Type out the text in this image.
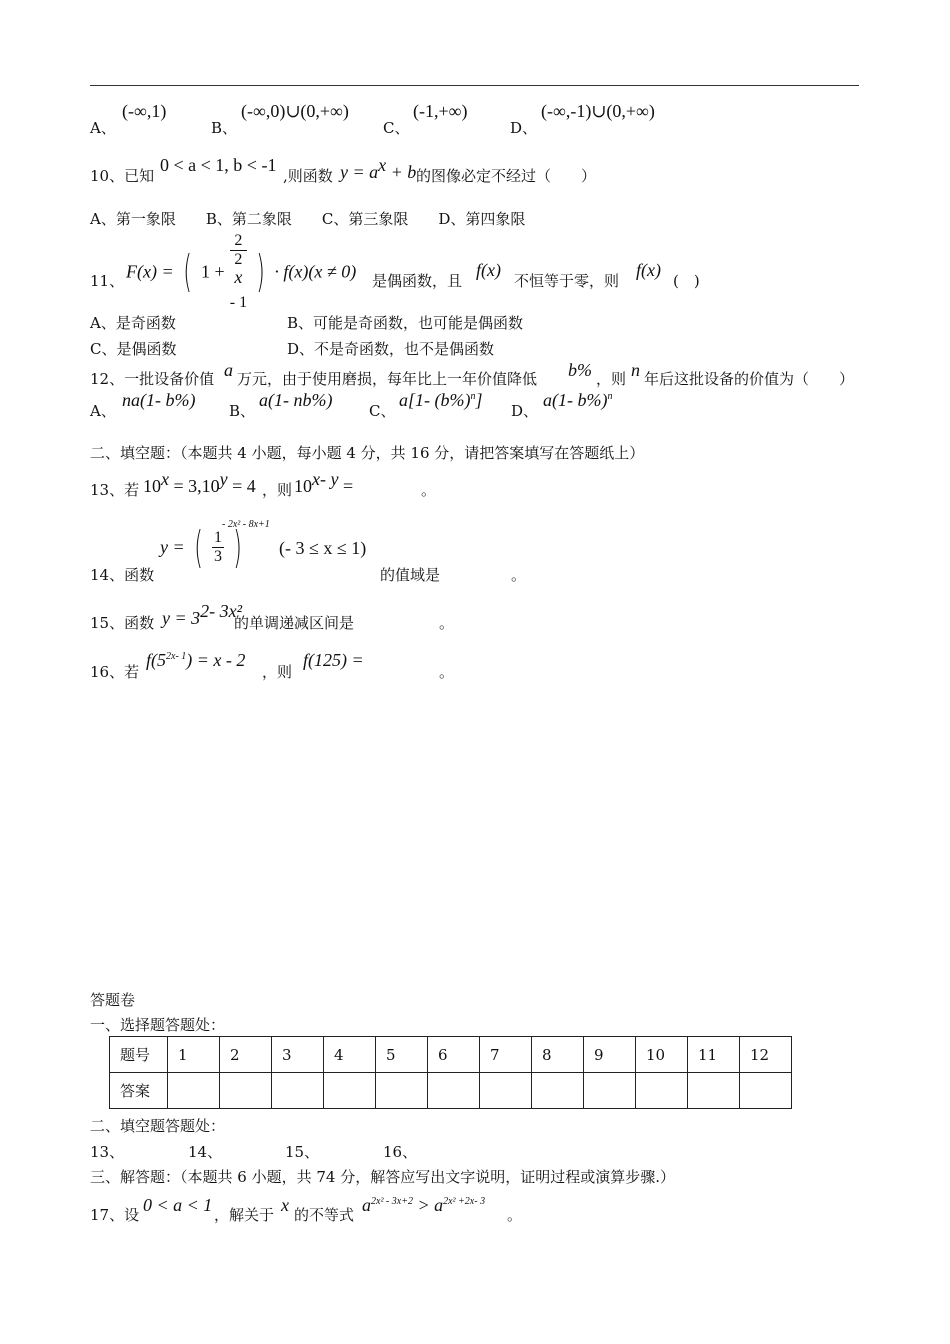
A、
(-∞,1)
B、
(-∞,0)∪(0,+∞)
C、
(-1,+∞)
D、
(-∞,-1)∪(0,+∞)
10、已知
0 < a < 1, b < -1
,则函数 $y = a^x + b$ 的图像必定不经过（　　）
A、第一象限　　B、第二象限　　C、第三象限　　D、第四象限
11、 F(x) = ( 1 + 2
2
$^x$
- 1 ) · f(x)(x ≠ 0) 是偶函数，且
f(x)
不恒等于零，则
f(x)
(　)
A、是奇函数	B、可能是奇函数，也可能是偶函数
C、是偶函数	D、不是奇函数，也不是偶函数
12、一批设备价值 a 万元，由于使用磨损，每年比上一年价值降低 b% ，则 n 年后这批设备的价值为（　　）
A、
na(1- b%)
B、
a(1- nb%)
C、
a[1- $(b\%)^n$]
D、
a(1- b%)$^n$
二、填空题：（本题共 4 小题，每小题 4 分，共 16 分，请把答案填写在答题纸上）
13、若 $10^x = 3,10^y = 4$ ，则 $10^{x- y}$ =	。
14、函数
y = ( $\frac{1}{3}$ )
- 2x² - 8x+1
(- 3 ≤ x ≤ 1)
的值域是	。
15、函数 $y = 3^{2- 3x^2}$
的单调递减区间是	。
16、若
$f(5^{2x- 1}) = x - 2$
，则
f(125) =
。
答题卷
一、选择题答题处：
题号	1	2	3	4	5	6	7	8	9	10	11	12
答案												
二、填空题答题处：
13、	14、	15、	16、
三、解答题：（本题共 6 小题，共 74 分，解答应写出文字说明，证明过程或演算步骤.）
17、设 0 < a < 1 ，解关于 x 的不等式 $a^{2x^2 - 3x+2} > a^{2x^2 +2x- 3}$
。
